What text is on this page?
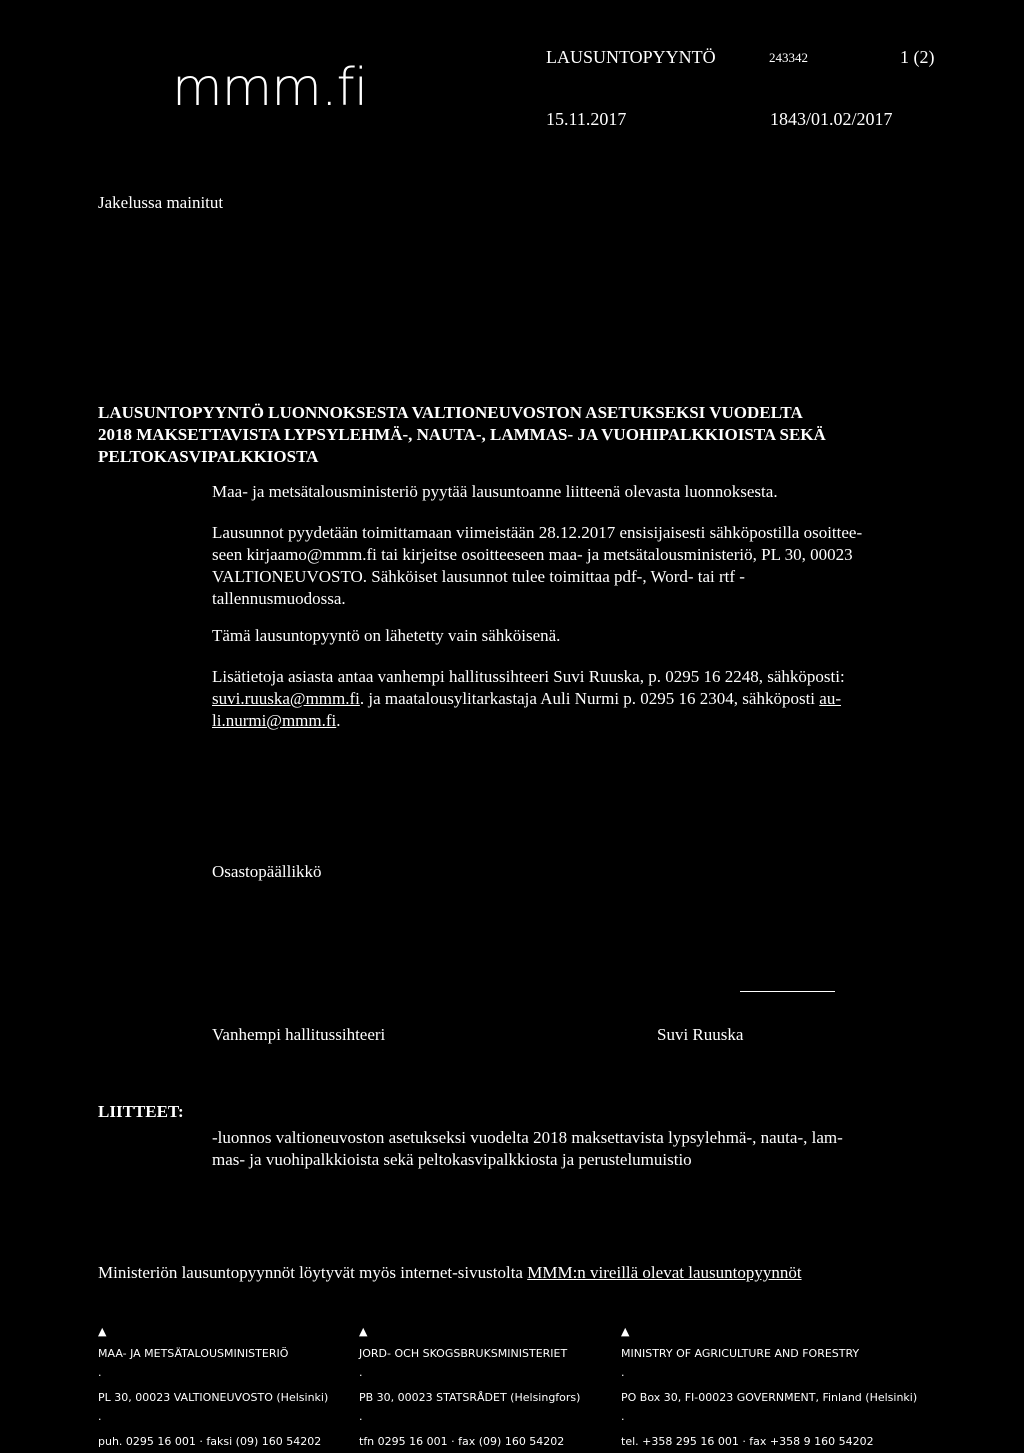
mmm.fi
LAUSUNTOPYYNTÖ	243342	1 (2)
15.11.2017	1843/01.02/2017
Jakelussa mainitut
LAUSUNTOPYYNTÖ LUONNOKSESTA VALTIONEUVOSTON ASETUKSEKSI VUODELTA
2018 MAKSETTAVISTA LYPSYLEHMÄ-, NAUTA-, LAMMAS- JA VUOHIPALKKIOISTA SEKÄ
PELTOKASVIPALKKIOSTA
Maa- ja metsätalousministeriö pyytää lausuntoanne liitteenä olevasta luonnoksesta.
Lausunnot pyydetään toimittamaan viimeistään 28.12.2017 ensisijaisesti sähköpostilla osoittee-
seen kirjaamo@mmm.fi tai kirjeitse osoitteeseen maa- ja metsätalousministeriö, PL 30, 00023
VALTIONEUVOSTO. Sähköiset lausunnot tulee toimittaa pdf-, Word- tai rtf -
tallennusmuodossa.
Tämä lausuntopyyntö on lähetetty vain sähköisenä.
Lisätietoja asiasta antaa vanhempi hallitussihteeri Suvi Ruuska, p. 0295 16 2248, sähköposti:
suvi.ruuska@mmm.fi. ja maatalousylitarkastaja Auli Nurmi p. 0295 16 2304, sähköposti au-
li.nurmi@mmm.fi.
Osastopäällikkö
Vanhempi hallitussihteeri	Suvi Ruuska
LIITTEET:
-luonnos valtioneuvoston asetukseksi vuodelta 2018 maksettavista lypsylehmä-, nauta-, lam-
mas- ja vuohipalkkioista sekä peltokasvipalkkiosta ja perustelumuistio
Ministeriön lausuntopyynnöt löytyvät myös internet-sivustolta MMM:n vireillä olevat lausuntopyynnöt
▲
MAA- JA METSÄTALOUSMINISTERIÖ
·
PL 30, 00023 VALTIONEUVOSTO (Helsinki)
·
puh. 0295 16 001 · faksi (09) 160 54202
▲
JORD- OCH SKOGSBRUKSMINISTERIET
·
PB 30, 00023 STATSRÅDET (Helsingfors)
·
tfn 0295 16 001 · fax (09) 160 54202
▲
MINISTRY OF AGRICULTURE AND FORESTRY
·
PO Box 30, FI-00023 GOVERNMENT, Finland (Helsinki)
·
tel. +358 295 16 001 · fax +358 9 160 54202
